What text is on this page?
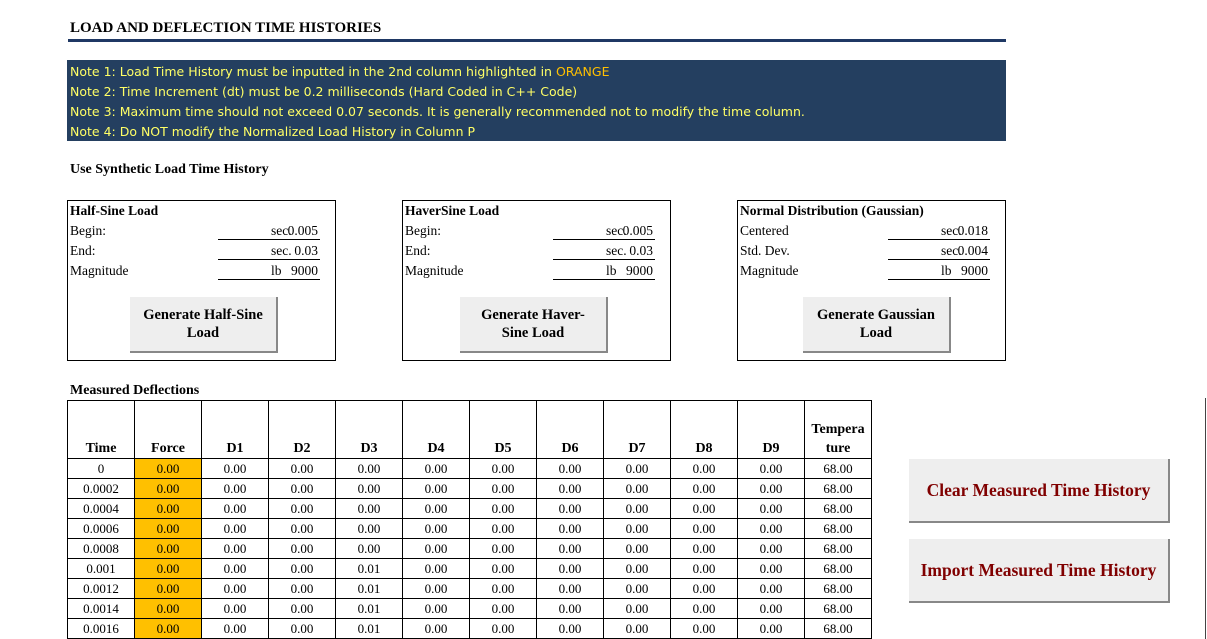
LOAD AND DEFLECTION TIME HISTORIES
Note 1: Load Time History must be inputted in the 2nd column highlighted in ORANGE
Note 2: Time Increment (dt) must be 0.2 milliseconds (Hard Coded in C++ Code)
Note 3: Maximum time should not exceed 0.07 seconds. It is generally recommended not to modify the time column.
Note 4: Do NOT modify the Normalized Load History in Column P
Use Synthetic Load Time History
Half-Sine Load
Begin:	0.005
sec.
End:	0.03
sec.
Magnitude	9000
lb
Generate Half-Sine
Load
HaverSine Load
Begin:	0.005
sec.
End:	0.03
sec.
Magnitude	9000
lb
Generate Haver-
Sine Load
Normal Distribution (Gaussian)
Centered	0.018
sec.
Std. Dev.	0.004
sec.
Magnitude	9000
lb
Generate Gaussian
Load
Measured Deflections
Time	Force	D1	D2	D3	D4	D5	D6	D7	D8	D9	Tempera
ture
0	0.00	0.00	0.00	0.00	0.00	0.00	0.00	0.00	0.00	0.00	68.00
0.0002	0.00	0.00	0.00	0.00	0.00	0.00	0.00	0.00	0.00	0.00	68.00
0.0004	0.00	0.00	0.00	0.00	0.00	0.00	0.00	0.00	0.00	0.00	68.00
0.0006	0.00	0.00	0.00	0.00	0.00	0.00	0.00	0.00	0.00	0.00	68.00
0.0008	0.00	0.00	0.00	0.00	0.00	0.00	0.00	0.00	0.00	0.00	68.00
0.001	0.00	0.00	0.00	0.01	0.00	0.00	0.00	0.00	0.00	0.00	68.00
0.0012	0.00	0.00	0.00	0.01	0.00	0.00	0.00	0.00	0.00	0.00	68.00
0.0014	0.00	0.00	0.00	0.01	0.00	0.00	0.00	0.00	0.00	0.00	68.00
0.0016	0.00	0.00	0.00	0.01	0.00	0.00	0.00	0.00	0.00	0.00	68.00
Clear Measured Time History
Import Measured Time History
